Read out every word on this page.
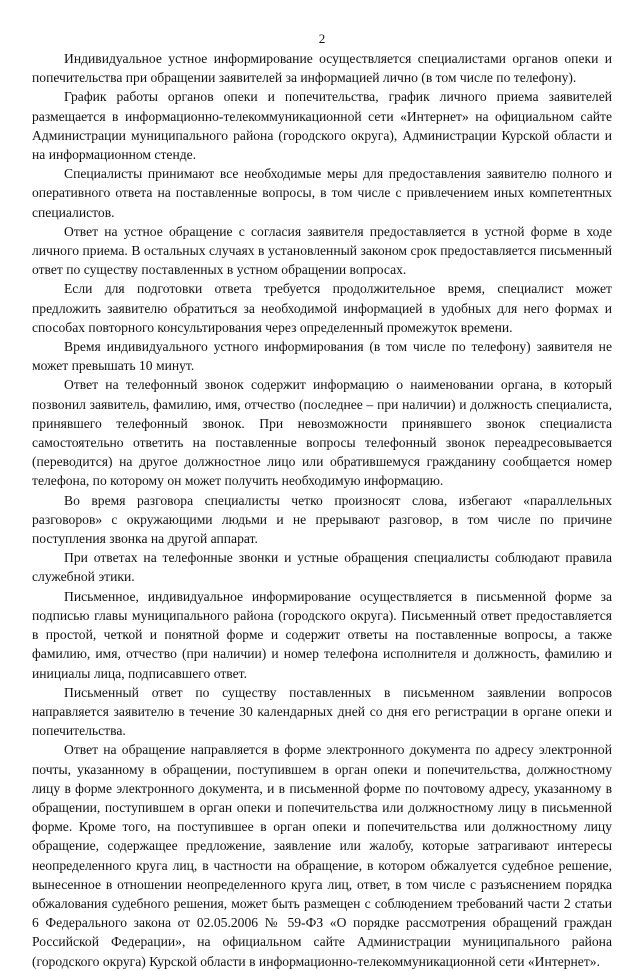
2

Индивидуальное устное информирование осуществляется специалистами органов опеки и попечительства при обращении заявителей за информацией лично (в том числе по телефону).

График работы органов опеки и попечительства, график личного приема заявителей размещается в информационно-телекоммуникационной сети «Интернет» на официальном сайте Администрации муниципального района (городского округа), Администрации Курской области и на информационном стенде.

Специалисты принимают все необходимые меры для предоставления заявителю полного и оперативного ответа на поставленные вопросы, в том числе с привлечением иных компетентных специалистов.

Ответ на устное обращение с согласия заявителя предоставляется в устной форме в ходе личного приема. В остальных случаях в установленный законом срок предоставляется письменный ответ по существу поставленных в устном обращении вопросах.

Если для подготовки ответа требуется продолжительное время, специалист может предложить заявителю обратиться за необходимой информацией в удобных для него формах и способах повторного консультирования через определенный промежуток времени.

Время индивидуального устного информирования (в том числе по телефону) заявителя не может превышать 10 минут.

Ответ на телефонный звонок содержит информацию о наименовании органа, в который позвонил заявитель, фамилию, имя, отчество (последнее – при наличии) и должность специалиста, принявшего телефонный звонок. При невозможности принявшего звонок специалиста самостоятельно ответить на поставленные вопросы телефонный звонок переадресовывается (переводится) на другое должностное лицо или обратившемуся гражданину сообщается номер телефона, по которому он может получить необходимую информацию.

Во время разговора специалисты четко произносят слова, избегают «параллельных разговоров» с окружающими людьми и не прерывают разговор, в том числе по причине поступления звонка на другой аппарат.

При ответах на телефонные звонки и устные обращения специалисты соблюдают правила служебной этики.

Письменное, индивидуальное информирование осуществляется в письменной форме за подписью главы муниципального района (городского округа). Письменный ответ предоставляется в простой, четкой и понятной форме и содержит ответы на поставленные вопросы, а также фамилию, имя, отчество (при наличии) и номер телефона исполнителя и должность, фамилию и инициалы лица, подписавшего ответ.

Письменный ответ по существу поставленных в письменном заявлении вопросов направляется заявителю в течение 30 календарных дней со дня его регистрации в органе опеки и попечительства.

Ответ на обращение направляется в форме электронного документа по адресу электронной почты, указанному в обращении, поступившем в орган опеки и попечительства, должностному лицу в форме электронного документа, и в письменной форме по почтовому адресу, указанному в обращении, поступившем в орган опеки и попечительства или должностному лицу в письменной форме. Кроме того, на поступившее в орган опеки и попечительства или должностному лицу обращение, содержащее предложение, заявление или жалобу, которые затрагивают интересы неопределенного круга лиц, в частности на обращение, в котором обжалуется судебное решение, вынесенное в отношении неопределенного круга лиц, ответ, в том числе с разъяснением порядка обжалования судебного решения, может быть размещен с соблюдением требований части 2 статьи 6 Федерального закона от 02.05.2006 № 59-ФЗ «О порядке рассмотрения обращений граждан Российской Федерации», на официальном сайте Администрации муниципального района (городского округа) Курской области в информационно-телекоммуникационной сети «Интернет».
